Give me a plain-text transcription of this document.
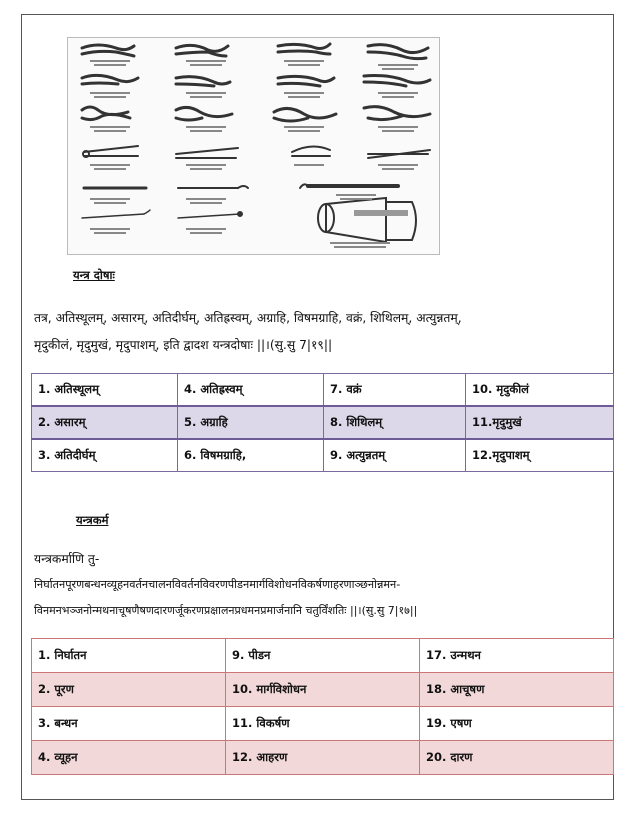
यन्त्र दोषाः
तत्र, अतिस्थूलम्, असारम्, अतिदीर्घम्, अतिह्रस्वम्, अग्राहि, विषमग्राहि, वक्रं, शिथिलम्, अत्युन्नतम्,
मृदुकीलं, मृदुमुखं, मृदुपाशम्, इति द्वादश यन्त्रदोषाः ||।(सु.सु 7|१९||
1. अतिस्थूलम्	4. अतिह्रस्वम्	7. वक्रं	10. मृदुकीलं
2. असारम्	5. अग्राहि	8. शिथिलम्	11.मृदुमुखं
3. अतिदीर्घम्	6. विषमग्राहि,	9. अत्युन्नतम्	12.मृदुपाशम्
यन्त्रकर्म
यन्त्रकर्माणि तु-
निर्घातनपूरणबन्धनव्यूहनवर्तनचालनविवर्तनविवरणपीडनमार्गविशोधनविकर्षणाहरणाञ्छनोन्नमन-
विनमनभञ्जनोन्मथनाचूषणैषणदारणर्जूकरणप्रक्षालनप्रधमनप्रमार्जनानि चतुर्विंशतिः ||।(सु.सु 7|१७||
1. निर्घातन	9. पीडन	17. उन्मथन
2. पूरण	10. मार्गविशोधन	18. आचूषण
3. बन्धन	11. विकर्षण	19. एषण
4. व्यूहन	12. आहरण	20. दारण
